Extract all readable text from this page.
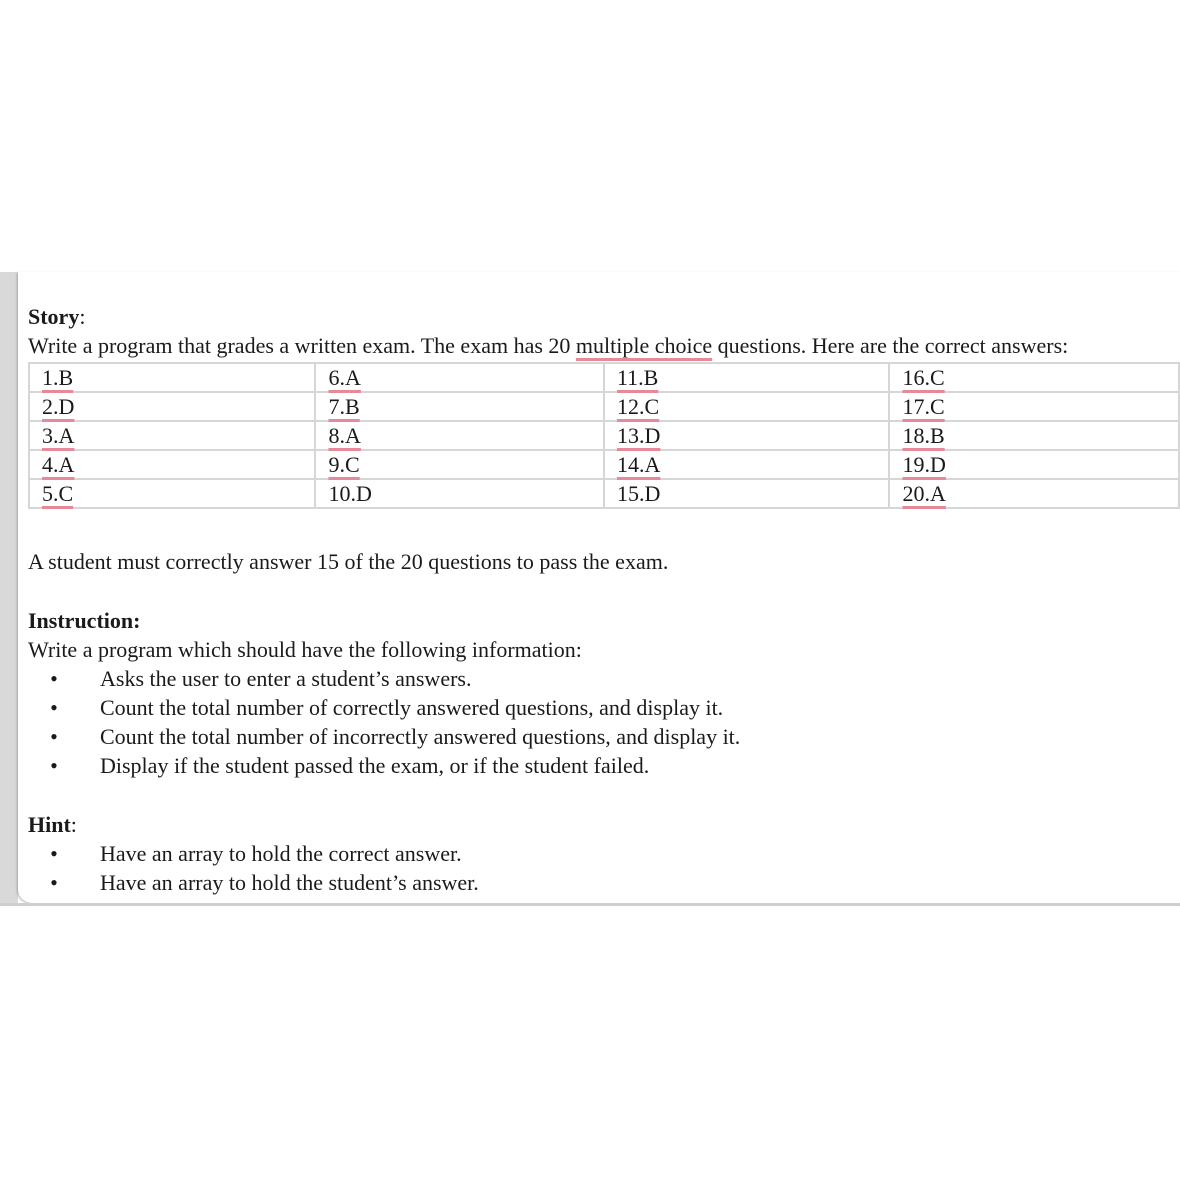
Story:
Write a program that grades a written exam. The exam has 20 multiple choice questions. Here are the correct answers:
1.B	6.A	11.B	16.C
2.D	7.B	12.C	17.C
3.A	8.A	13.D	18.B
4.A	9.C	14.A	19.D
5.C	10.D	15.D	20.A
A student must correctly answer 15 of the 20 questions to pass the exam.
Instruction:
Write a program which should have the following information:
• Asks the user to enter a student’s answers.
• Count the total number of correctly answered questions, and display it.
• Count the total number of incorrectly answered questions, and display it.
• Display if the student passed the exam, or if the student failed.
Hint:
• Have an array to hold the correct answer.
• Have an array to hold the student’s answer.
